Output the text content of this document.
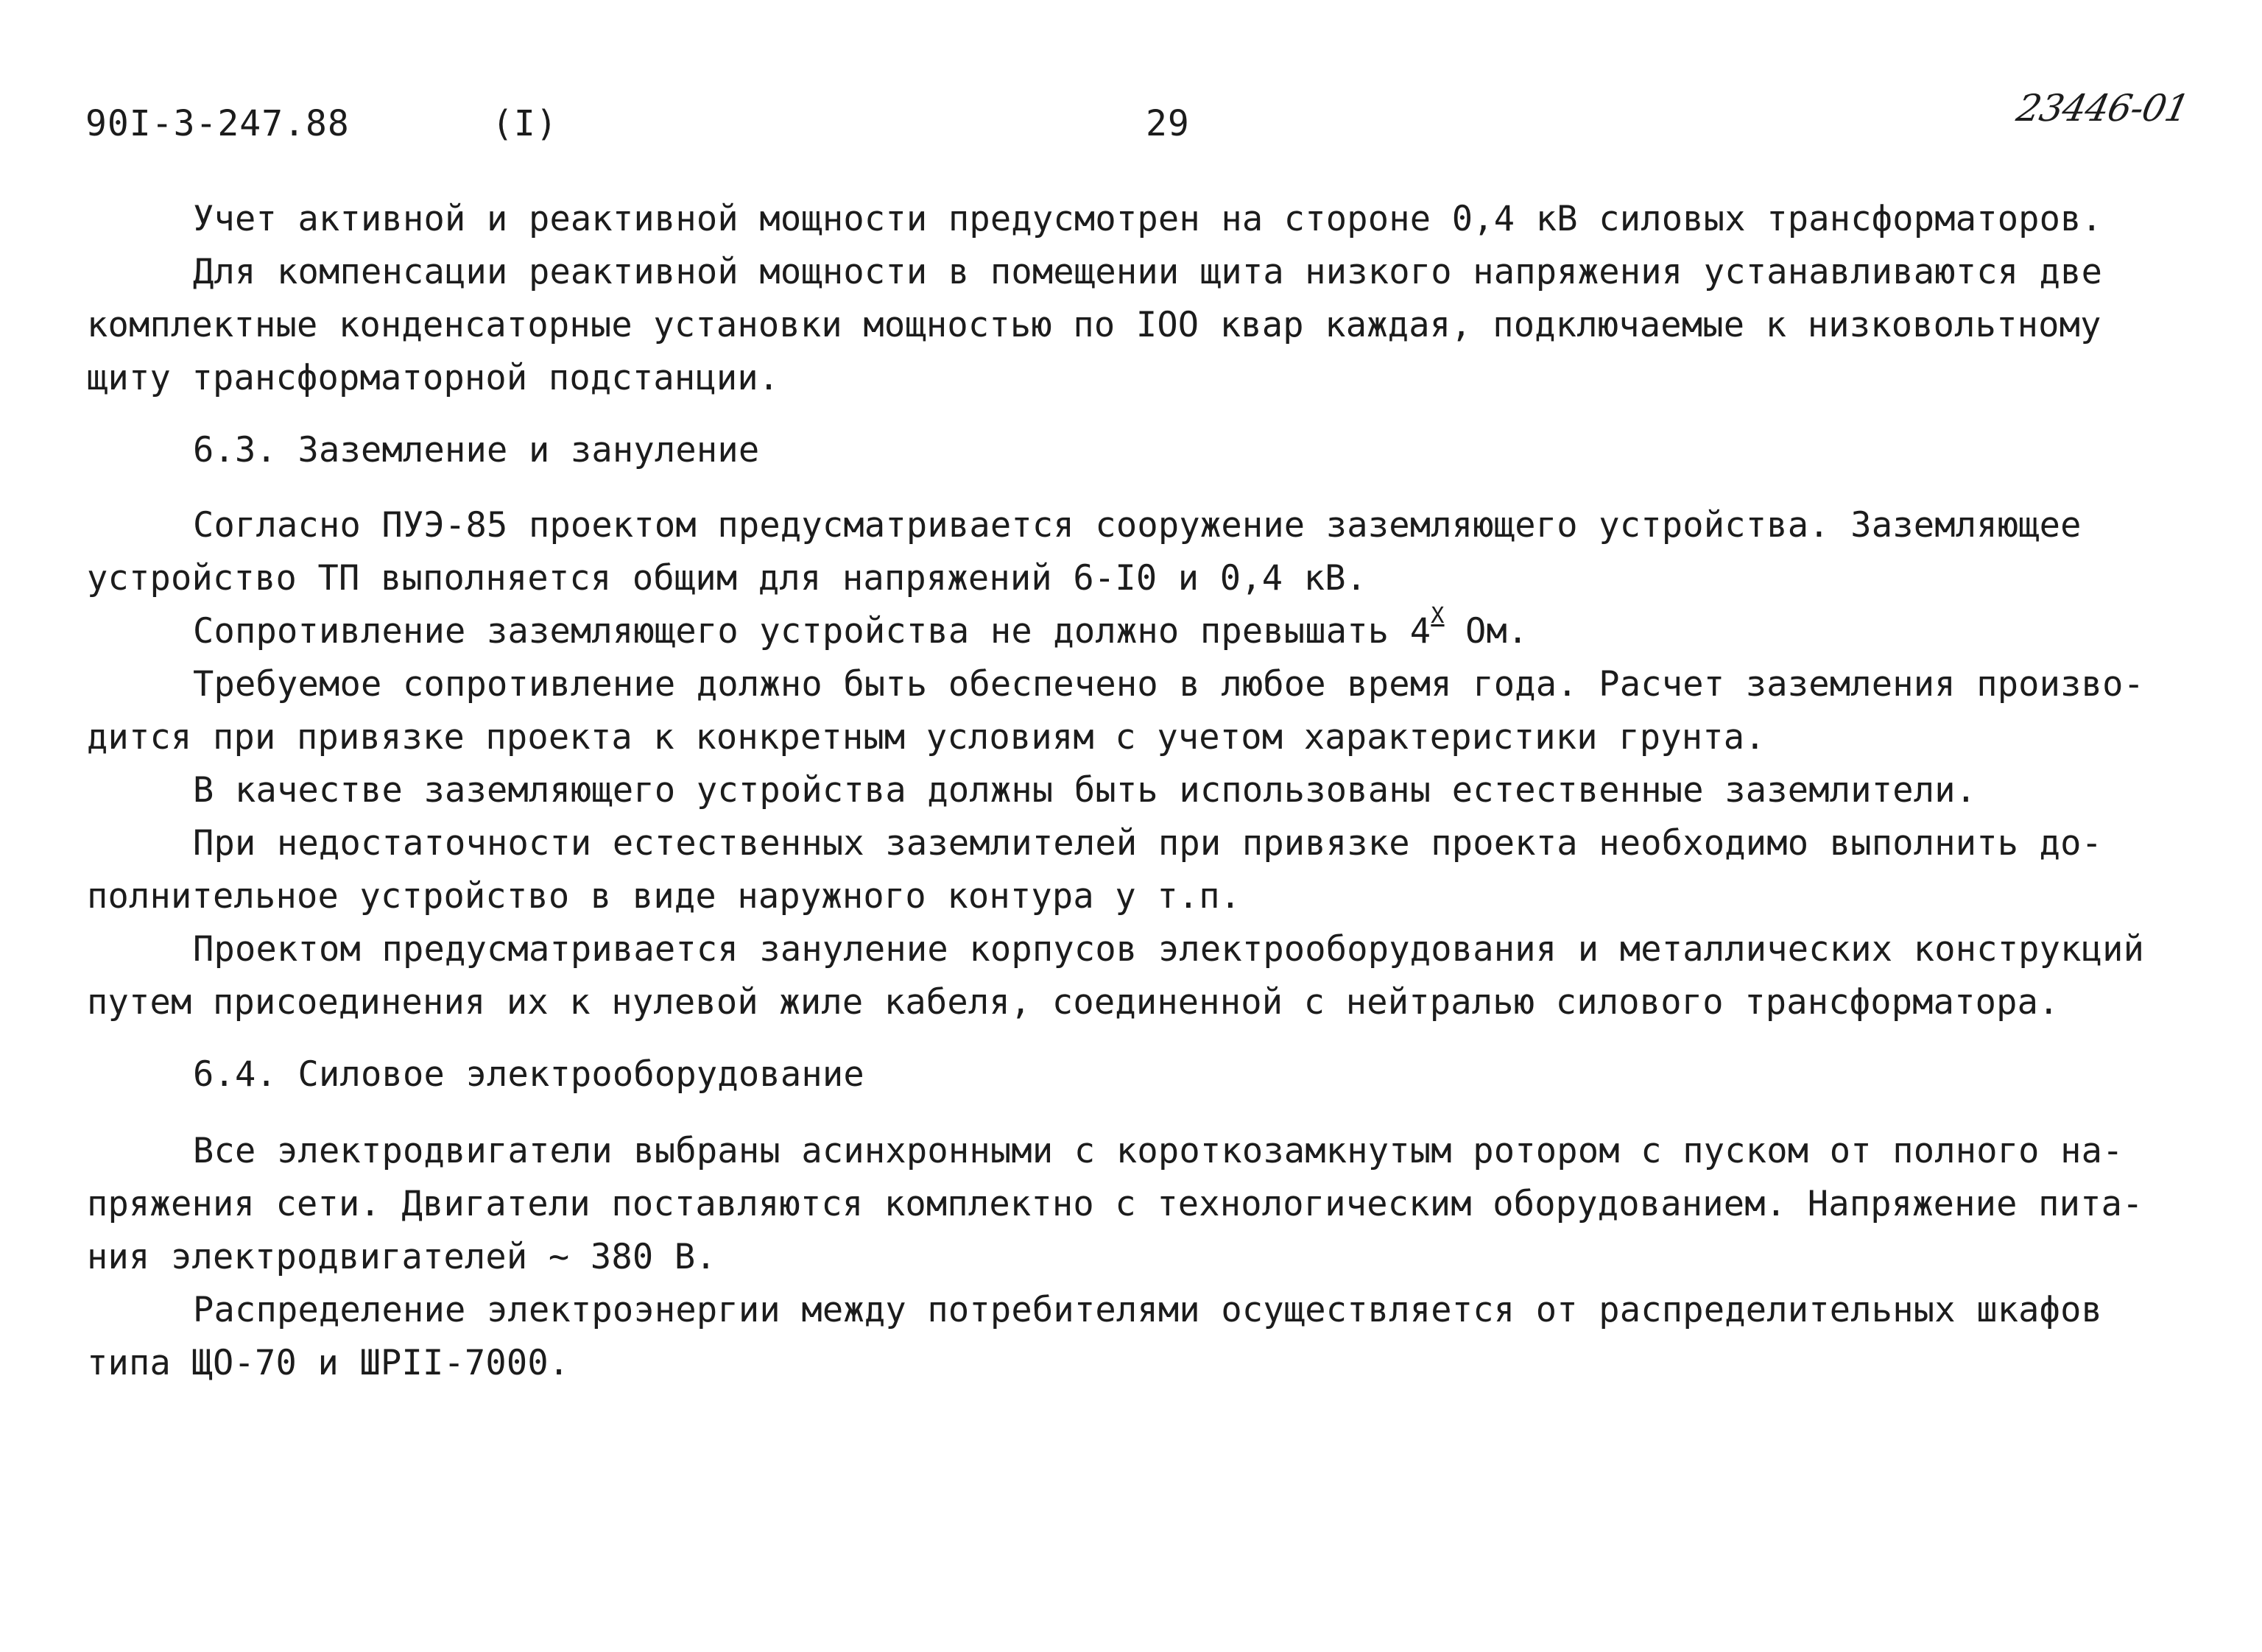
90I-3-247.88	(I)	29	23446-01
Учет активной и реактивной мощности предусмотрен на стороне 0,4 кВ силовых трансформаторов.
Для компенсации реактивной мощности в помещении щита низкого напряжения устанавливаются две
комплектные конденсаторные установки мощностью по IOO квар каждая, подключаемые к низковольтному
щиту трансформаторной подстанции.
6.3. Заземление и зануление
Согласно ПУЭ-85 проектом предусматривается сооружение заземляющего устройства. Заземляющее
устройство ТП выполняется общим для напряжений 6-I0 и 0,4 кВ.
Сопротивление заземляющего устройства не должно превышать $4^X$ Ом.
Требуемое сопротивление должно быть обеспечено в любое время года. Расчет заземления произво-
дится при привязке проекта к конкретным условиям с учетом характеристики грунта.
В качестве заземляющего устройства должны быть использованы естественные заземлители.
При недостаточности естественных заземлителей при привязке проекта необходимо выполнить до-
полнительное устройство в виде наружного контура у т.п.
Проектом предусматривается зануление корпусов электрооборудования и металлических конструкций
путем присоединения их к нулевой жиле кабеля, соединенной с нейтралью силового трансформатора.
6.4. Силовое электрооборудование
Все электродвигатели выбраны асинхронными с короткозамкнутым ротором с пуском от полного на-
пряжения сети. Двигатели поставляются комплектно с технологическим оборудованием. Напряжение пита-
ния электродвигателей ~ 380 В.
Распределение электроэнергии между потребителями осуществляется от распределительных шкафов
типа ЩО-70 и ШРII-7000.
